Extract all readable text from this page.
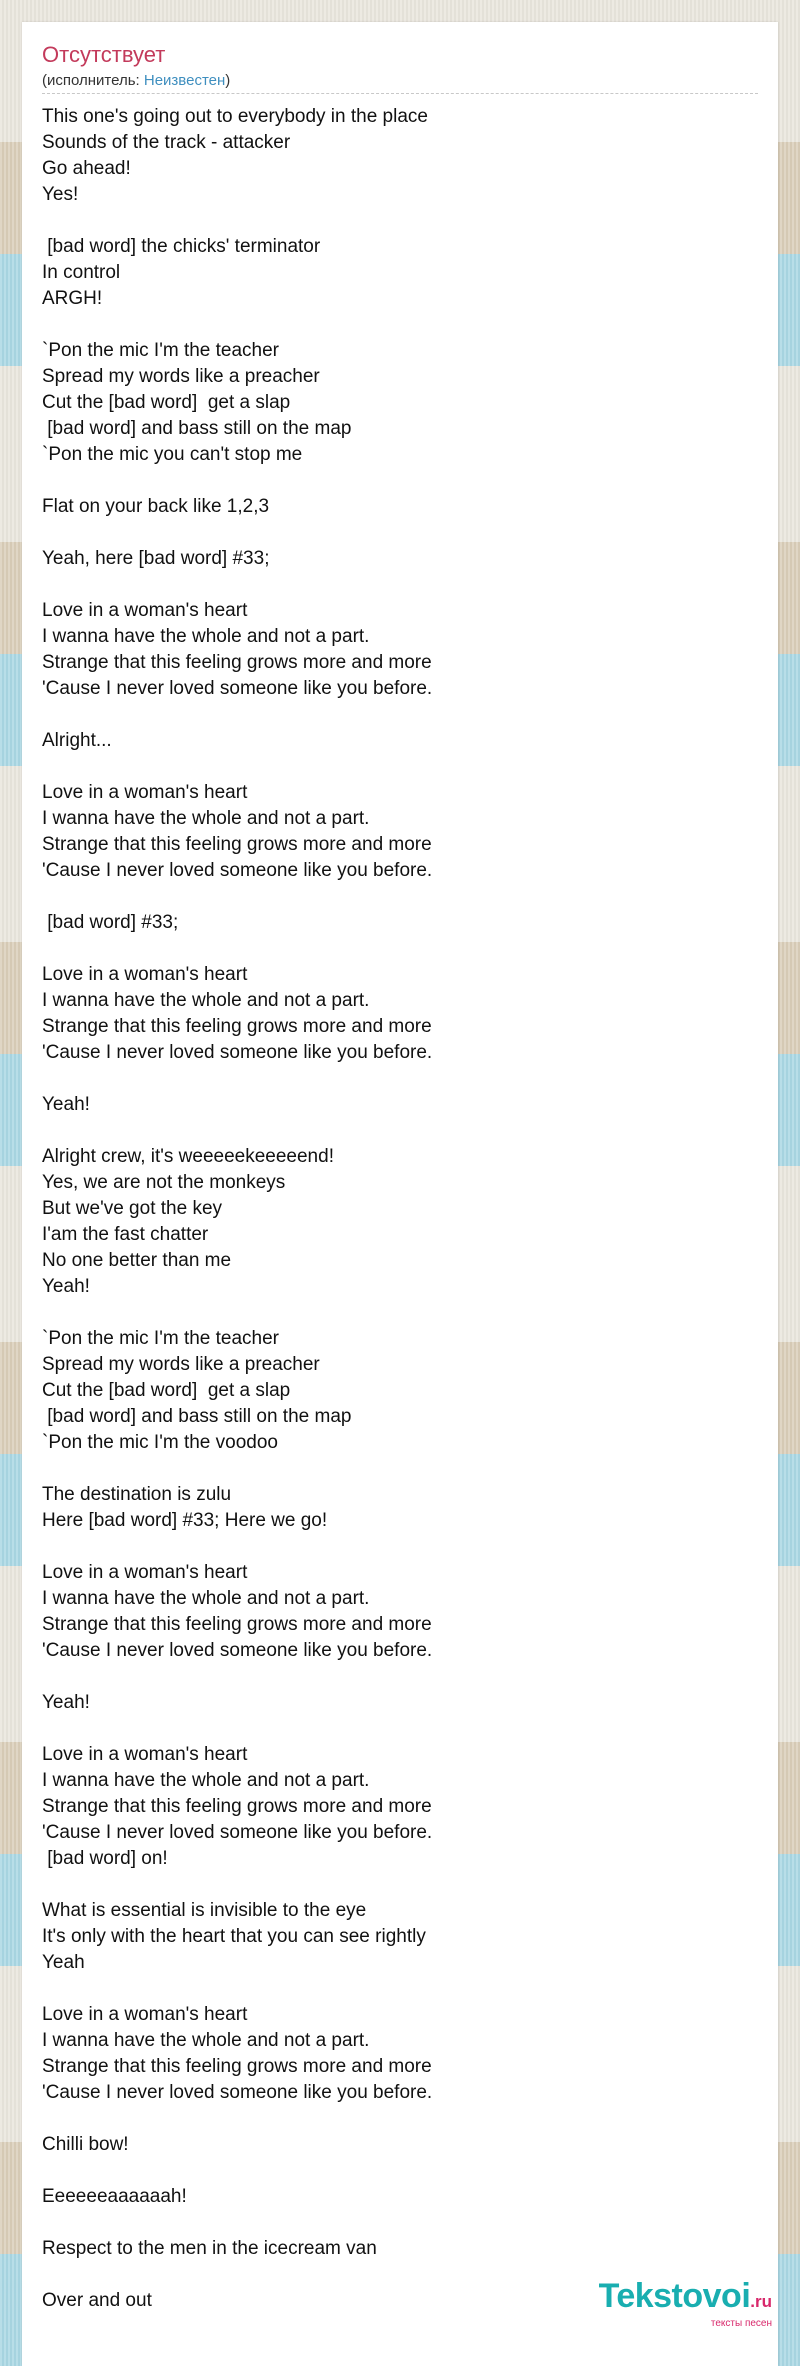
Отсутствует
(исполнитель: Неизвестен)
This one's going out to everybody in the place
Sounds of the track - attacker
Go ahead!
Yes!
[bad word] the chicks' terminator
In control
ARGH!
`Pon the mic I'm the teacher
Spread my words like a preacher
Cut the [bad word]  get a slap
[bad word] and bass still on the map
`Pon the mic you can't stop me
Flat on your back like 1,2,3
Yeah, here [bad word] #33;
Love in a woman's heart
I wanna have the whole and not a part.
Strange that this feeling grows more and more
'Cause I never loved someone like you before.
Alright...
Love in a woman's heart
I wanna have the whole and not a part.
Strange that this feeling grows more and more
'Cause I never loved someone like you before.
[bad word] #33;
Love in a woman's heart
I wanna have the whole and not a part.
Strange that this feeling grows more and more
'Cause I never loved someone like you before.
Yeah!
Alright crew, it's weeeeekeeeeend!
Yes, we are not the monkeys
But we've got the key
I'am the fast chatter
No one better than me
Yeah!
`Pon the mic I'm the teacher
Spread my words like a preacher
Cut the [bad word]  get a slap
[bad word] and bass still on the map
`Pon the mic I'm the voodoo
The destination is zulu
Here [bad word] #33; Here we go!
Love in a woman's heart
I wanna have the whole and not a part.
Strange that this feeling grows more and more
'Cause I never loved someone like you before.
Yeah!
Love in a woman's heart
I wanna have the whole and not a part.
Strange that this feeling grows more and more
'Cause I never loved someone like you before.
[bad word] on!
What is essential is invisible to the eye
It's only with the heart that you can see rightly
Yeah
Love in a woman's heart
I wanna have the whole and not a part.
Strange that this feeling grows more and more
'Cause I never loved someone like you before.
Chilli bow!
Eeeeeeaaaaaah!
Respect to the men in the icecream van
Over and out	Tekstovoi.ru
тексты песен
